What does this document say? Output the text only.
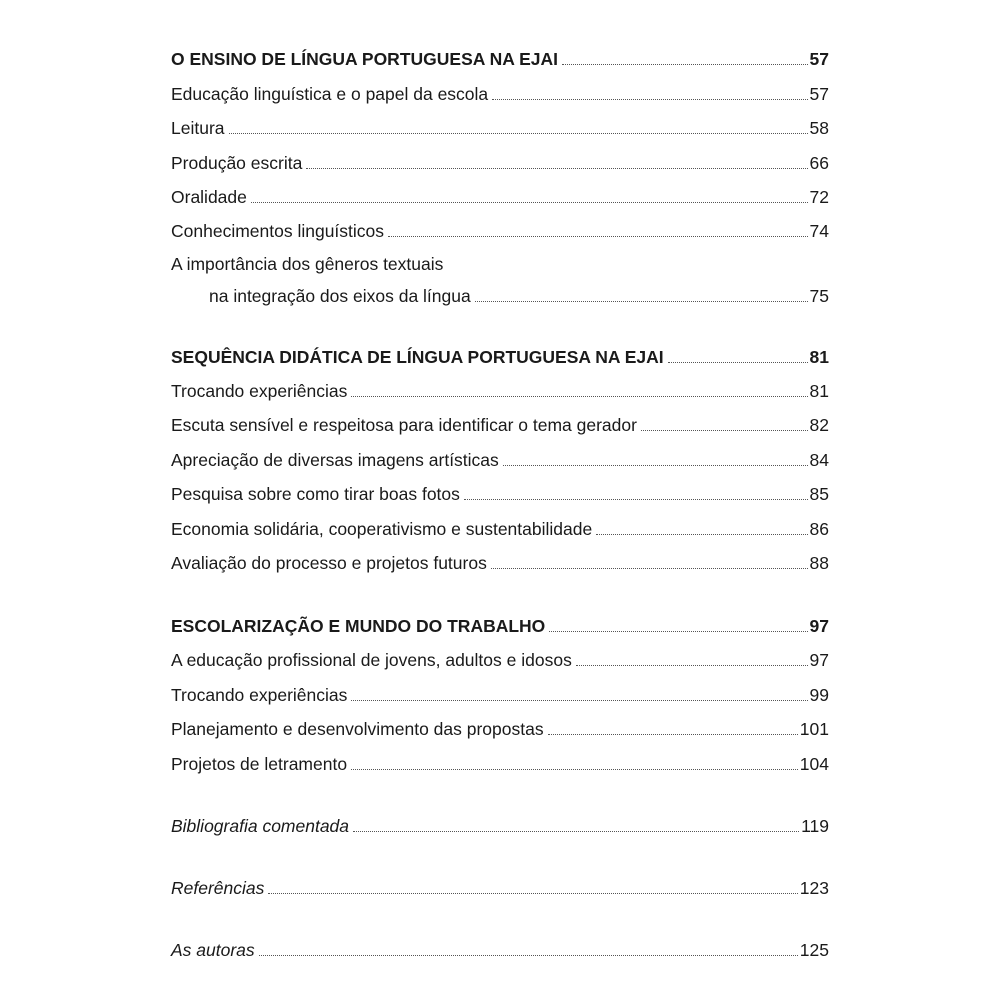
O ENSINO DE LÍNGUA PORTUGUESA NA EJAI	57
Educação linguística e o papel da escola	57
Leitura	58
Produção escrita	66
Oralidade	72
Conhecimentos linguísticos	74
A importância dos gêneros textuais
na integração dos eixos da língua	75
SEQUÊNCIA DIDÁTICA DE LÍNGUA PORTUGUESA NA EJAI	81
Trocando experiências	81
Escuta sensível e respeitosa para identificar o tema gerador	82
Apreciação de diversas imagens artísticas	84
Pesquisa sobre como tirar boas fotos	85
Economia solidária, cooperativismo e sustentabilidade	86
Avaliação do processo e projetos futuros	88
ESCOLARIZAÇÃO E MUNDO DO TRABALHO	97
A educação profissional de jovens, adultos e idosos	97
Trocando experiências	99
Planejamento e desenvolvimento das propostas	101
Projetos de letramento	104
Bibliografia comentada	119
Referências	123
As autoras	125
